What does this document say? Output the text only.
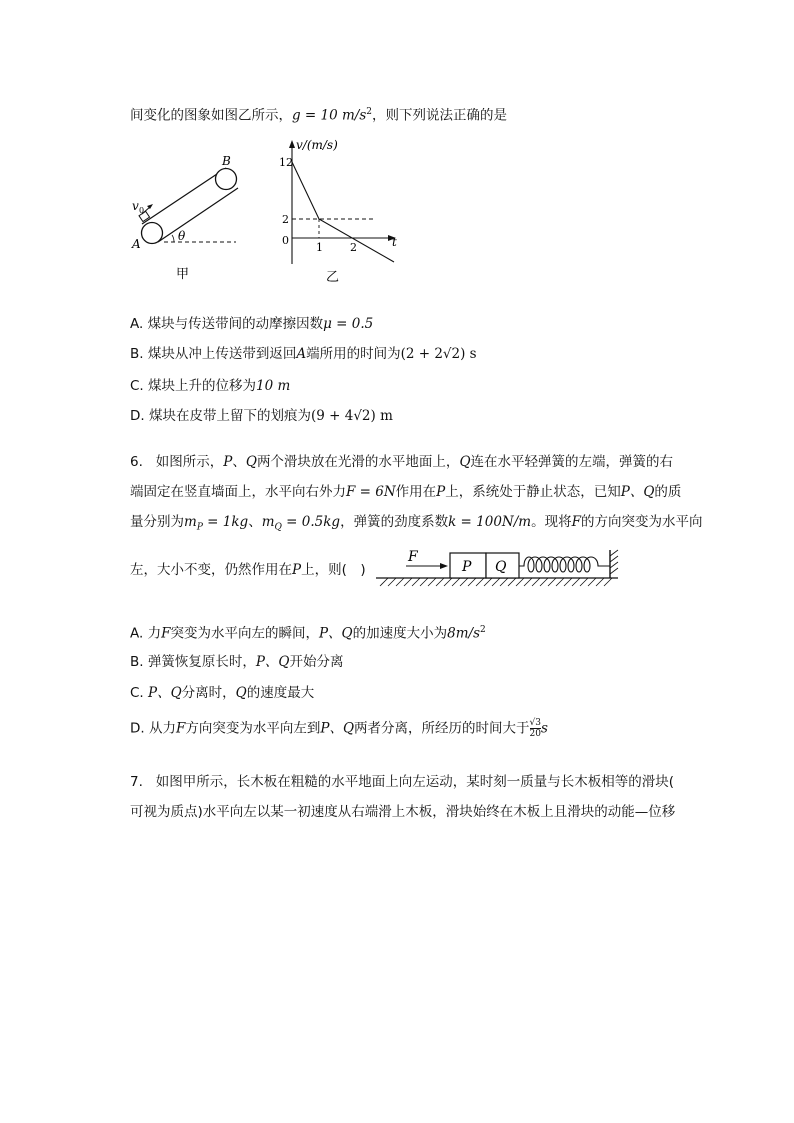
间变化的图象如图乙所示，g = 10 $m/s^2$，则下列说法正确的是
B
A
v 0
θ
甲
v/(m/s)
12
2
0
1 2	t
乙
A. 煤块与传送带间的动摩擦因数μ = 0.5
B. 煤块从冲上传送带到返回A端所用的时间为(2 + 2√2) s
C. 煤块上升的位移为10 m
D. 煤块在皮带上留下的划痕为(9 + 4√2) m
6. 如图所示，P、Q两个滑块放在光滑的水平地面上，Q连在水平轻弹簧的左端，弹簧的右
端固定在竖直墙面上，水平向右外力F = 6N作用在P上，系统处于静止状态，已知P、Q的质
量分别为$m_P = 1kg$、$m_Q = 0.5kg$，弹簧的劲度系数k = 100N/m。现将F的方向突变为水平向
左，大小不变，仍然作用在P上，则(　)
F
P Q
A. 力F突变为水平向左的瞬间，P、Q的加速度大小为$8m/s^2$
B. 弹簧恢复原长时，P、Q开始分离
C. P、Q分离时，Q的速度最大
D. 从力F方向突变为水平向左到P、Q两者分离，所经历的时间大于 $\frac{√3}{20}$ s
7. 如图甲所示，长木板在粗糙的水平地面上向左运动，某时刻一质量与长木板相等的滑块(
可视为质点)水平向左以某一初速度从右端滑上木板，滑块始终在木板上且滑块的动能—位移
